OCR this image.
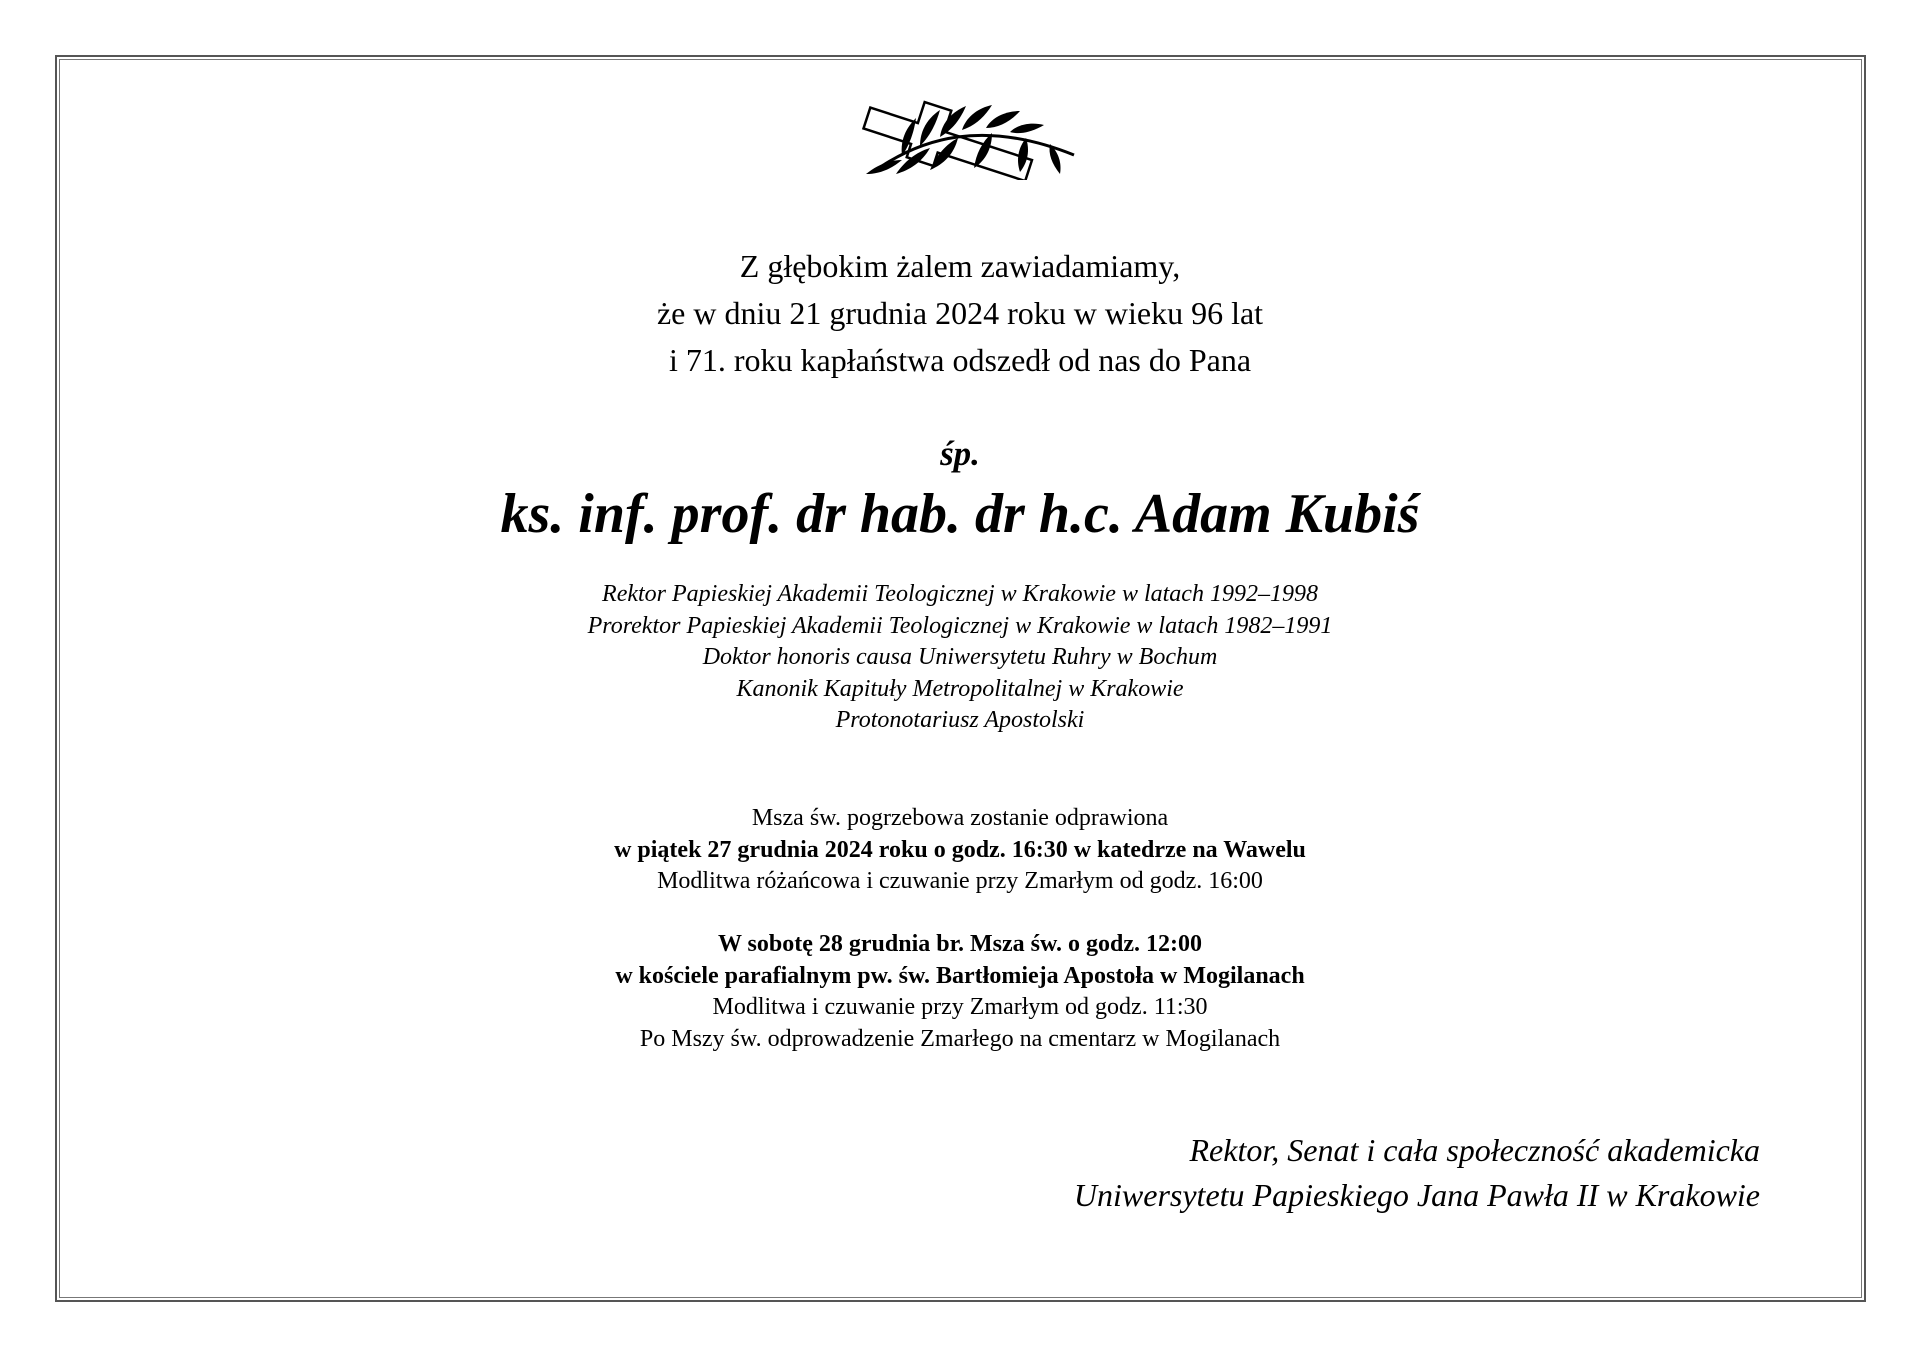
Z głębokim żalem zawiadamiamy,
że w dniu 21 grudnia 2024 roku w wieku 96 lat
i 71. roku kapłaństwa odszedł od nas do Pana
śp.
ks. inf. prof. dr hab. dr h.c. Adam Kubiś
Rektor Papieskiej Akademii Teologicznej w Krakowie w latach 1992–1998
Prorektor Papieskiej Akademii Teologicznej w Krakowie w latach 1982–1991
Doktor honoris causa Uniwersytetu Ruhry w Bochum
Kanonik Kapituły Metropolitalnej w Krakowie
Protonotariusz Apostolski
Msza św. pogrzebowa zostanie odprawiona
w piątek 27 grudnia 2024 roku o godz. 16:30 w katedrze na Wawelu
Modlitwa różańcowa i czuwanie przy Zmarłym od godz. 16:00
W sobotę 28 grudnia br. Msza św. o godz. 12:00
w kościele parafialnym pw. św. Bartłomieja Apostoła w Mogilanach
Modlitwa i czuwanie przy Zmarłym od godz. 11:30
Po Mszy św. odprowadzenie Zmarłego na cmentarz w Mogilanach
Rektor, Senat i cała społeczność akademicka
Uniwersytetu Papieskiego Jana Pawła II w Krakowie
